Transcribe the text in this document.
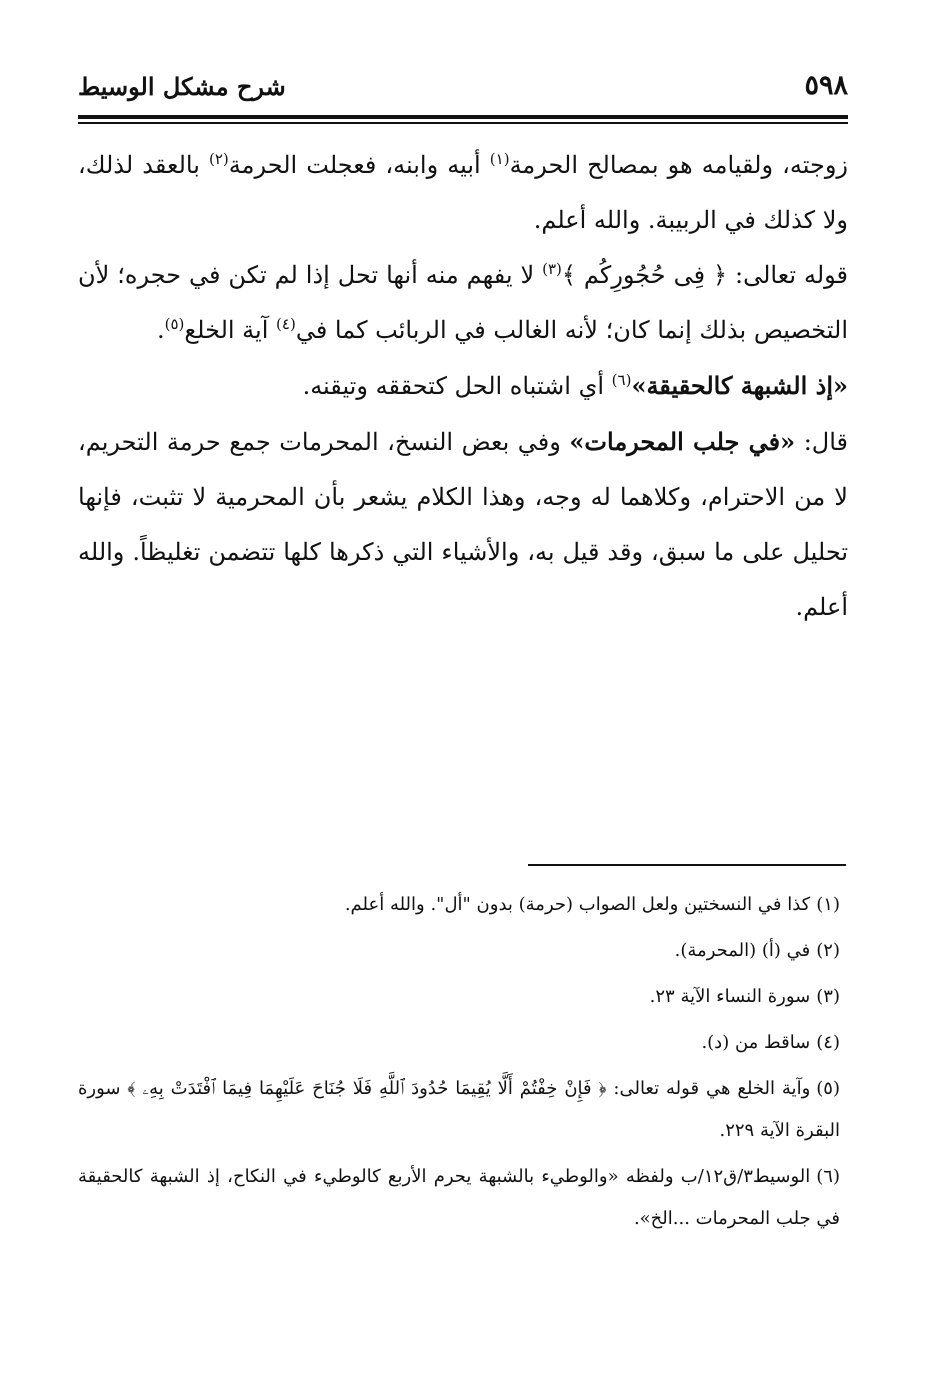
٥٩٨
شرح مشكل الوسيط

زوجته، ولقيامه هو بمصالح الحرمة$^{(١)}$ أبيه وابنه، فعجلت الحرمة$^{(٢)}$ بالعقد لذلك، ولا كذلك في الربيبة. والله أعلم.

قوله تعالى: ﴿ فِى حُجُورِكُم ﴾$^{(٣)}$ لا يفهم منه أنها تحل إذا لم تكن في حجره؛ لأن التخصيص بذلك إنما كان؛ لأنه الغالب في الربائب كما في$^{(٤)}$ آية الخلع$^{(٥)}$.

«إذ الشبهة كالحقيقة»$^{(٦)}$ أي اشتباه الحل كتحققه وتيقنه.

قال: «في جلب المحرمات» وفي بعض النسخ، المحرمات جمع حرمة التحريم، لا من الاحترام، وكلاهما له وجه، وهذا الكلام يشعر بأن المحرمية لا تثبت، فإنها تحليل على ما سبق، وقد قيل به، والأشياء التي ذكرها كلها تتضمن تغليظاً. والله أعلم.

(١)كذا في النسختين ولعل الصواب (حرمة) بدون "أل". والله أعلم.

(٢)في (أ) (المحرمة).

(٣)سورة النساء الآية ٢٣.

(٤)ساقط من (د).

(٥)وآية الخلع هي قوله تعالى: ﴿ فَإِنْ خِفْتُمْ أَلَّا يُقِيمَا حُدُودَ ٱللَّهِ فَلَا جُنَاحَ عَلَيْهِمَا فِيمَا ٱفْتَدَتْ بِهِۦ ﴾ سورة البقرة الآية ٢٢٩.

(٦)الوسيط٣/ق١٢/ب ولفظه «والوطيء بالشبهة يحرم الأربع كالوطيء في النكاح، إذ الشبهة كالحقيقة في جلب المحرمات ...الخ».
